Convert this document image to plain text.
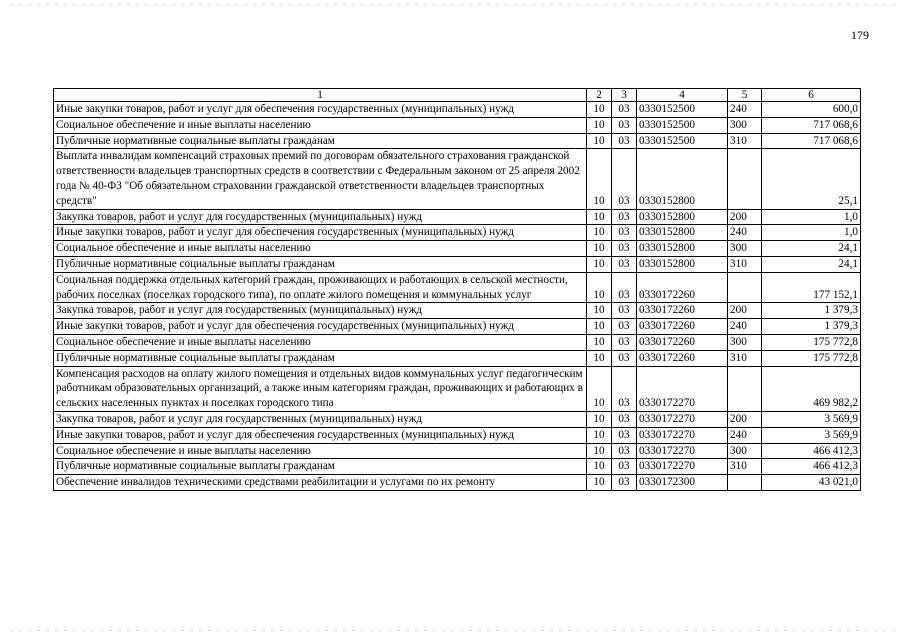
179
1	2	3	4	5	6
Иные закупки товаров, работ и услуг для обеспечения государственных (муниципальных) нужд	10	03	0330152500	240	600,0
Социальное обеспечение и иные выплаты населению	10	03	0330152500	300	717 068,6
Публичные нормативные социальные выплаты гражданам	10	03	0330152500	310	717 068,6
Выплата инвалидам компенсаций страховых премий по договорам обязательного страхования гражданской ответственности владельцев транспортных средств в соответствии с Федеральным законом от 25 апреля 2002 года № 40-ФЗ "Об обязательном страховании гражданской ответственности владельцев транспортных средств"	10	03	0330152800		25,1
Закупка товаров, работ и услуг для государственных (муниципальных) нужд	10	03	0330152800	200	1,0
Иные закупки товаров, работ и услуг для обеспечения государственных (муниципальных) нужд	10	03	0330152800	240	1,0
Социальное обеспечение и иные выплаты населению	10	03	0330152800	300	24,1
Публичные нормативные социальные выплаты гражданам	10	03	0330152800	310	24,1
Социальная поддержка отдельных категорий граждан, проживающих и работающих в сельской местности, рабочих поселках (поселках городского типа), по оплате жилого помещения и коммунальных услуг	10	03	0330172260		177 152,1
Закупка товаров, работ и услуг для государственных (муниципальных) нужд	10	03	0330172260	200	1 379,3
Иные закупки товаров, работ и услуг для обеспечения государственных (муниципальных) нужд	10	03	0330172260	240	1 379,3
Социальное обеспечение и иные выплаты населению	10	03	0330172260	300	175 772,8
Публичные нормативные социальные выплаты гражданам	10	03	0330172260	310	175 772,8
Компенсация расходов на оплату жилого помещения и отдельных видов коммунальных услуг педагогическим работникам образовательных организаций, а также иным категориям граждан, проживающих и работающих в сельских населенных пунктах и поселках городского типа	10	03	0330172270		469 982,2
Закупка товаров, работ и услуг для государственных (муниципальных) нужд	10	03	0330172270	200	3 569,9
Иные закупки товаров, работ и услуг для обеспечения государственных (муниципальных) нужд	10	03	0330172270	240	3 569,9
Социальное обеспечение и иные выплаты населению	10	03	0330172270	300	466 412,3
Публичные нормативные социальные выплаты гражданам	10	03	0330172270	310	466 412,3
Обеспечение инвалидов техническими средствами реабилитации и услугами по их ремонту	10	03	0330172300		43 021,0
